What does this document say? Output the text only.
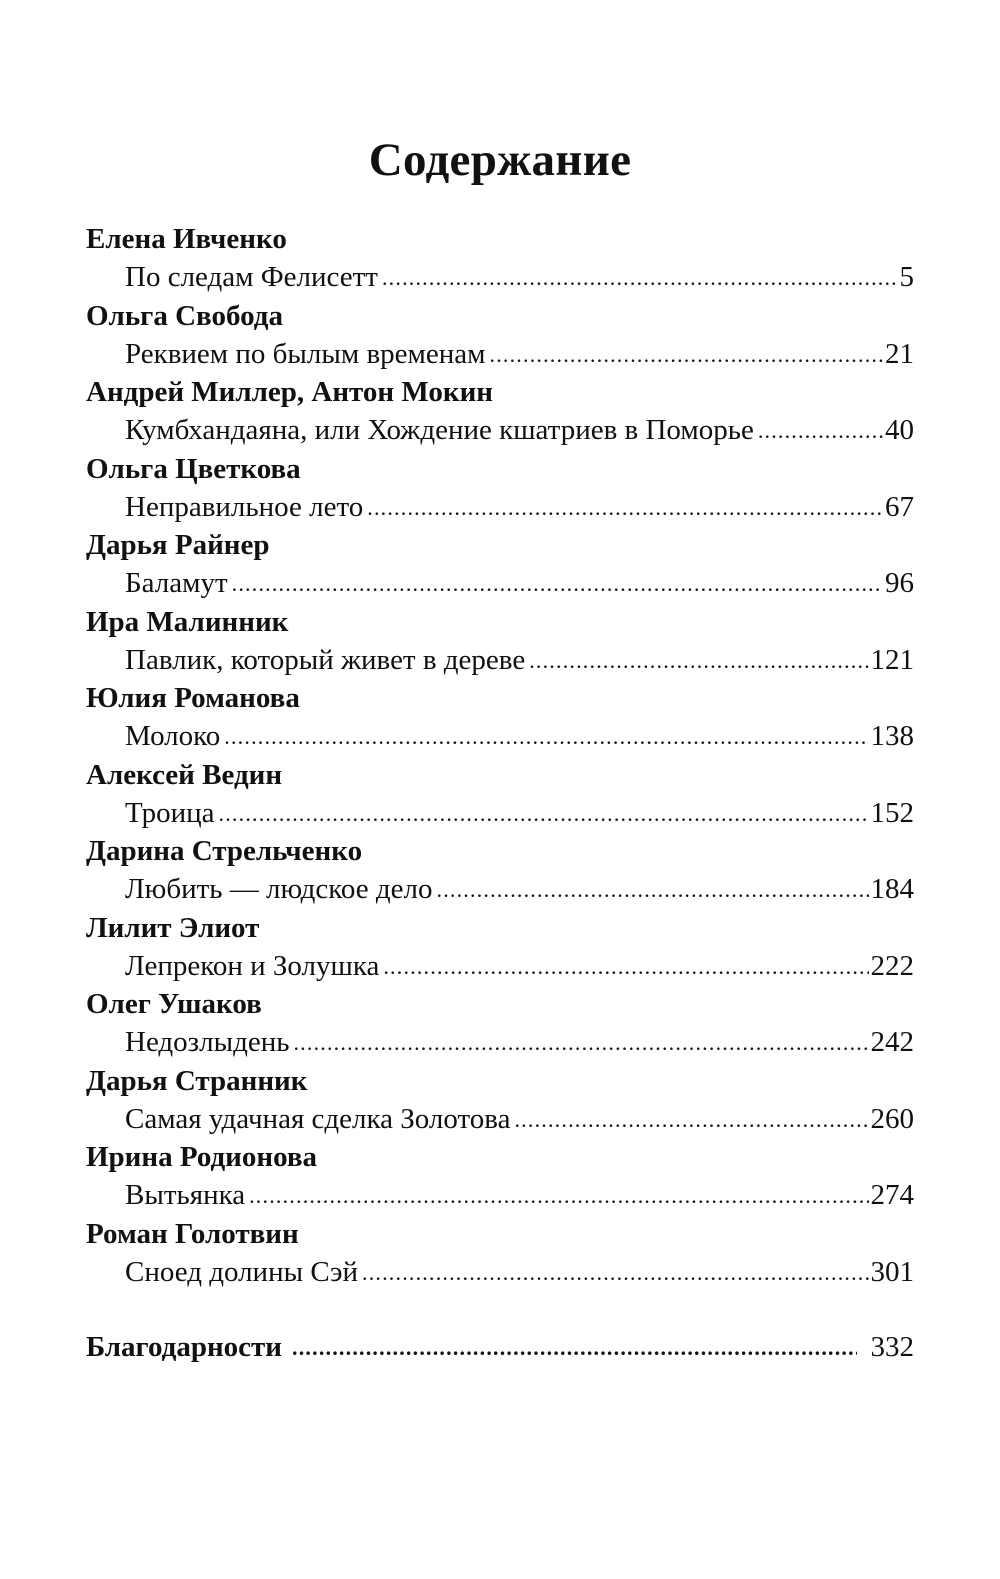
Содержание
Елена Ивченко
По следам Фелисетт .....	5
Ольга Свобода
Реквием по былым временам .....	21
Андрей Миллер, Антон Мокин
Кумбхандаяна, или Хождение кшатриев в Поморье .....	40
Ольга Цветкова
Неправильное лето .....	67
Дарья Райнер
Баламут .....	96
Ира Малинник
Павлик, который живет в дереве .....	121
Юлия Романова
Молоко .....	138
Алексей Ведин
Троица .....	152
Дарина Стрельченко
Любить — людское дело .....	184
Лилит Элиот
Лепрекон и Золушка .....	222
Олег Ушаков
Недозлыдень .....	242
Дарья Странник
Самая удачная сделка Золотова .....	260
Ирина Родионова
Вытьянка .....	274
Роман Голотвин
Сноед долины Сэй .....	301
Благодарности .....	332
